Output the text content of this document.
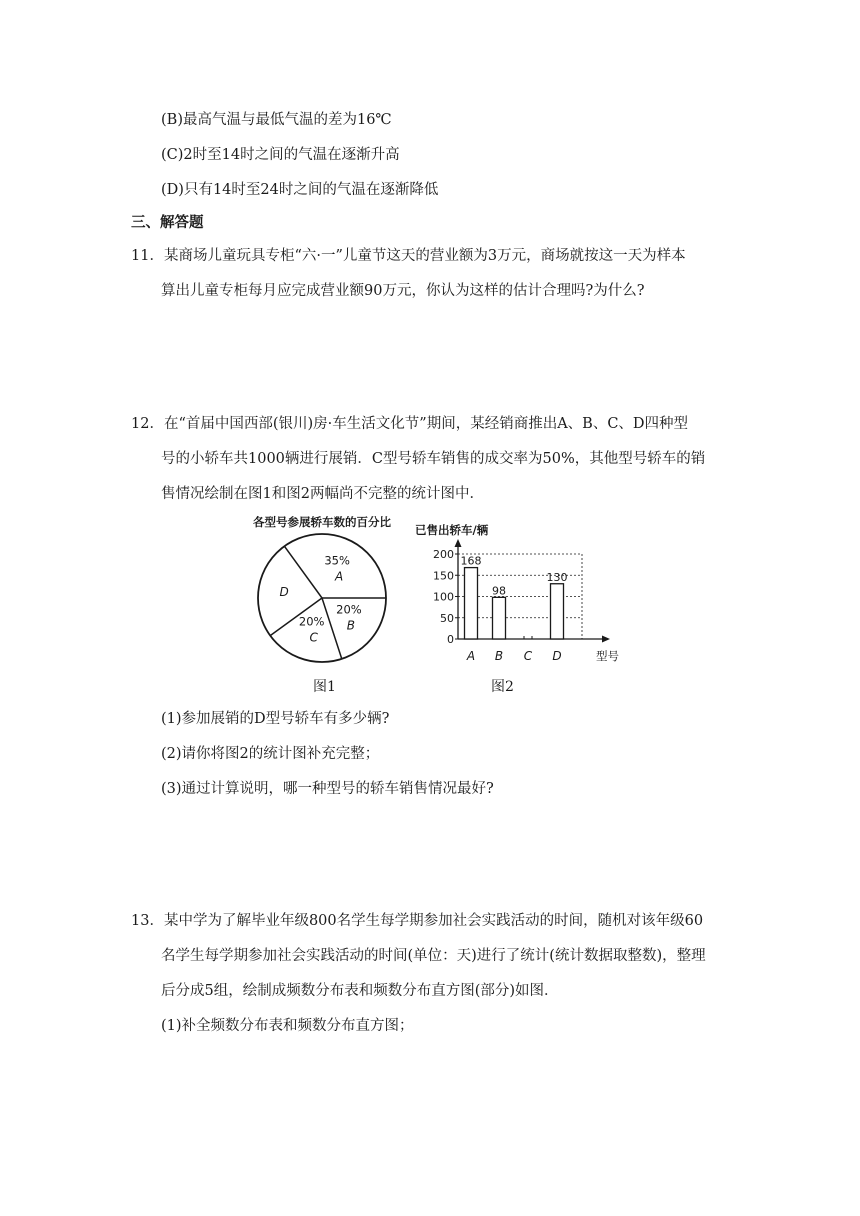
(B)最高气温与最低气温的差为16℃
(C)2时至14时之间的气温在逐渐升高
(D)只有14时至24时之间的气温在逐渐降低
三、解答题
11．某商场儿童玩具专柜“六·一”儿童节这天的营业额为3万元，商场就按这一天为样本
算出儿童专柜每月应完成营业额90万元，你认为这样的估计合理吗?为什么?
12．在“首届中国西部(银川)房·车生活文化节”期间，某经销商推出A、B、C、D四种型
号的小轿车共1000辆进行展销．C型号轿车销售的成交率为50%，其他型号轿车的销
售情况绘制在图1和图2两幅尚不完整的统计图中．
各型号参展轿车数的百分比
35%
A
20%
B
20%
C
D
已售出轿车/辆
型号
0
50
100
150
200
A
168
B
98
C D
130
图1	图2
(1)参加展销的D型号轿车有多少辆?
(2)请你将图2的统计图补充完整；
(3)通过计算说明，哪一种型号的轿车销售情况最好?
13．某中学为了解毕业年级800名学生每学期参加社会实践活动的时间，随机对该年级60
名学生每学期参加社会实践活动的时间(单位：天)进行了统计(统计数据取整数)，整理
后分成5组，绘制成频数分布表和频数分布直方图(部分)如图．
(1)补全频数分布表和频数分布直方图；
